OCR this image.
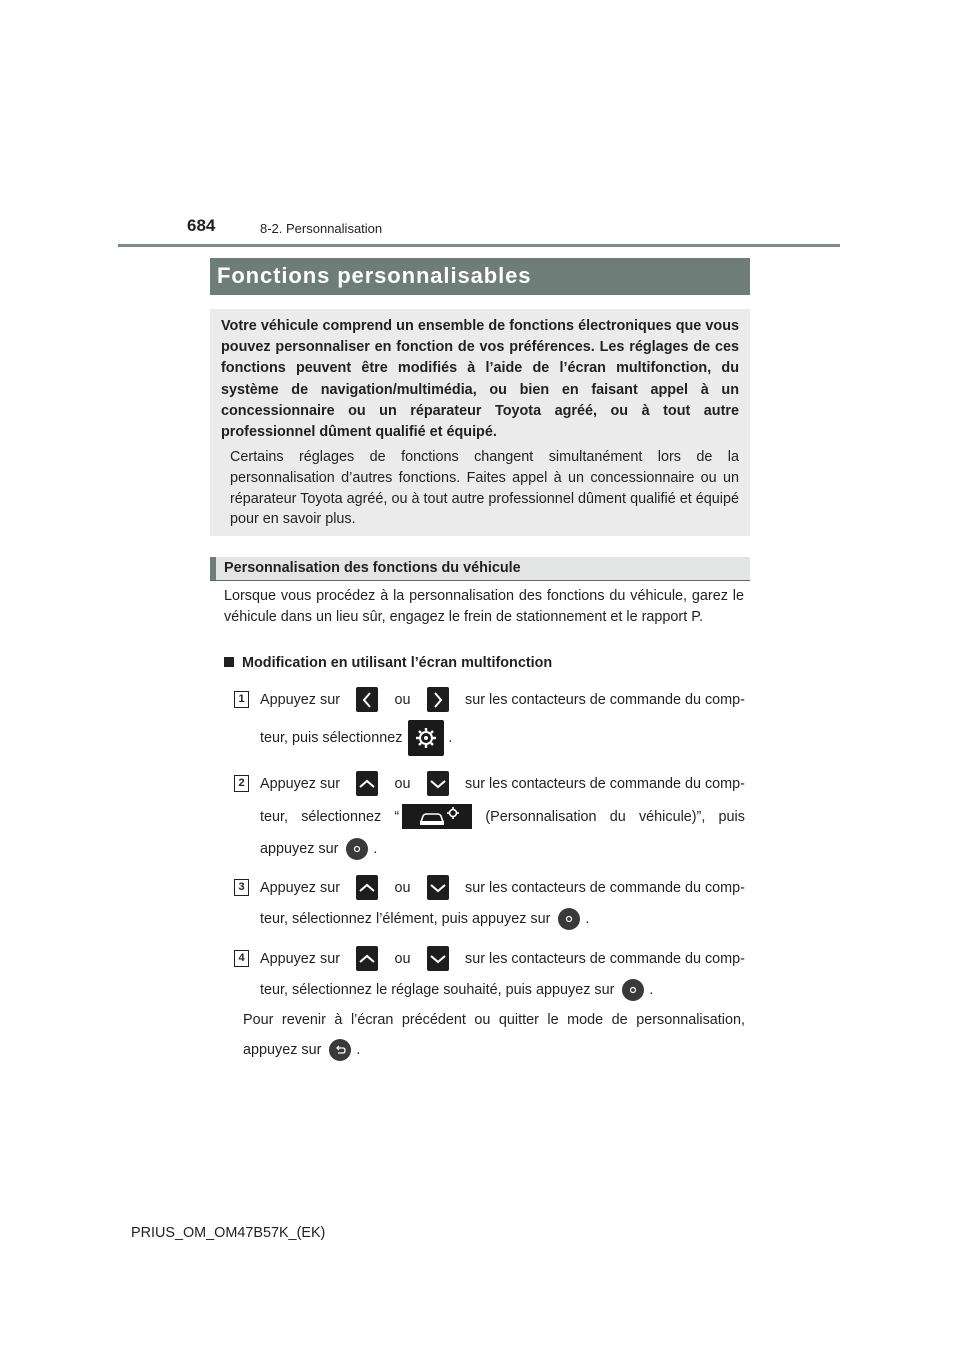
684	8-2. Personnalisation
Fonctions personnalisables
Votre véhicule comprend un ensemble de fonctions électroniques que vous pouvez personnaliser en fonction de vos préférences. Les réglages de ces fonctions peuvent être modifiés à l’aide de l’écran multifonction, du système de navigation/multimédia, ou bien en faisant appel à un concessionnaire ou un réparateur Toyota agréé, ou à tout autre professionnel dûment qualifié et équipé.
Certains réglages de fonctions changent simultanément lors de la personnalisation d’autres fonctions. Faites appel à un concessionnaire ou un réparateur Toyota agréé, ou à tout autre professionnel dûment qualifié et équipé pour en savoir plus.
Personnalisation des fonctions du véhicule
Lorsque vous procédez à la personnalisation des fonctions du véhicule, garez le véhicule dans un lieu sûr, engagez le frein de stationnement et le rapport P.
Modification en utilisant l’écran multifonction
1	Appuyez sur	ou	sur les contacteurs de commande du comp-
teur, puis sélectionnez	.
2	Appuyez sur	ou	sur les contacteurs de commande du comp-
teur, sélectionnez “	(Personnalisation du véhicule)”, puis
appuyez sur .
3	Appuyez sur	ou	sur les contacteurs de commande du comp-
teur, sélectionnez l’élément, puis appuyez sur .
4	Appuyez sur	ou	sur les contacteurs de commande du comp-
teur, sélectionnez le réglage souhaité, puis appuyez sur .
Pour revenir à l’écran précédent ou quitter le mode de personnalisation,
appuyez sur .
PRIUS_OM_OM47B57K_(EK)
